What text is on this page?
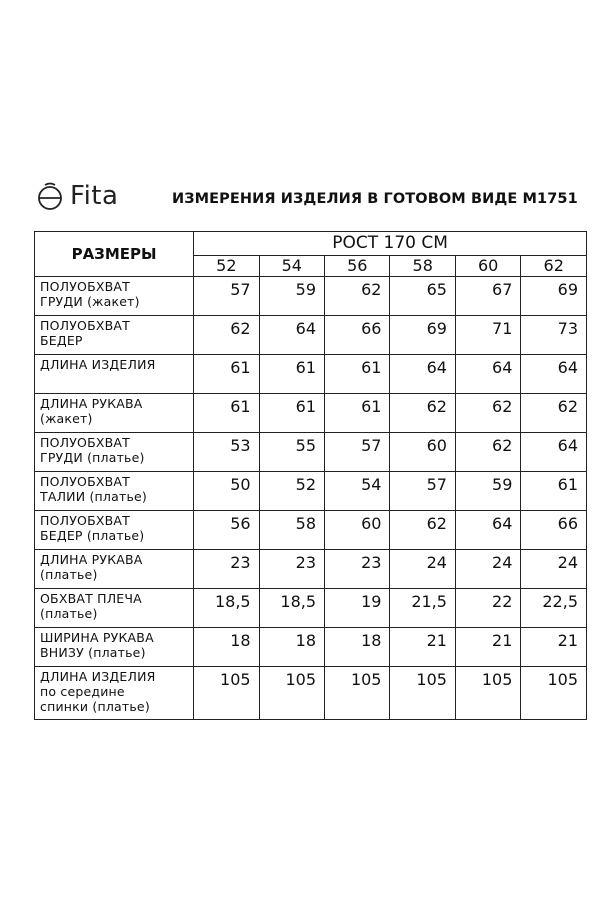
Fita	ИЗМЕРЕНИЯ ИЗДЕЛИЯ В ГОТОВОМ ВИДЕ М1751
РАЗМЕРЫ	РОСТ 170 СМ					
	52	54	56	58	60	62

ПОЛУОБХВАТ
ГРУДИ (жакет)	57	59	62	65	67	69

ПОЛУОБХВАТ
БЕДЕР	62	64	66	69	71	73

ДЛИНА ИЗДЕЛИЯ	61	61	61	64	64	64

ДЛИНА РУКАВА
(жакет)	61	61	61	62	62	62

ПОЛУОБХВАТ
ГРУДИ (платье)	53	55	57	60	62	64

ПОЛУОБХВАТ
ТАЛИИ (платье)	50	52	54	57	59	61

ПОЛУОБХВАТ
БЕДЕР (платье)	56	58	60	62	64	66

ДЛИНА РУКАВА
(платье)	23	23	23	24	24	24

ОБХВАТ ПЛЕЧА
(платье)	18,5	18,5	19	21,5	22	22,5

ШИРИНА РУКАВА
ВНИЗУ (платье)	18	18	18	21	21	21

ДЛИНА ИЗДЕЛИЯ
по середине
спинки (платье)	105	105	105	105	105	105
